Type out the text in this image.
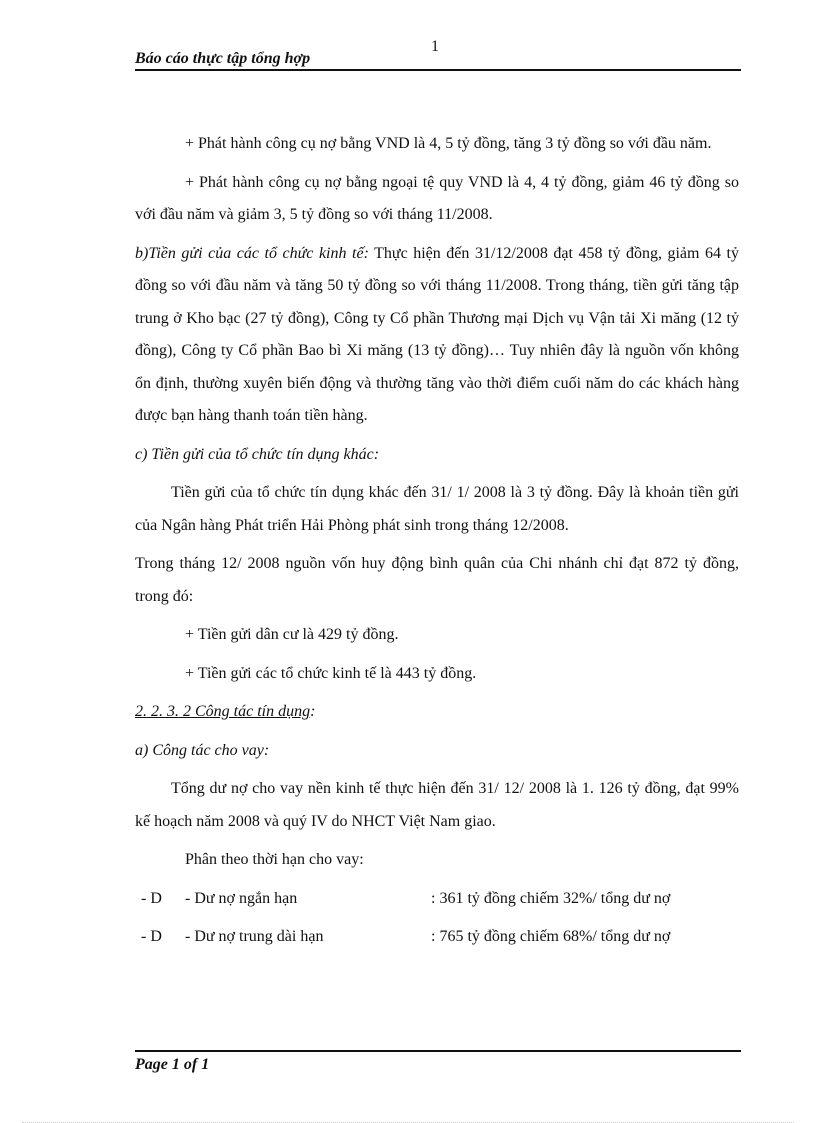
1
Báo cáo thực tập tổng hợp

+ Phát hành công cụ nợ bằng VND là 4, 5 tỷ đồng, tăng 3 tỷ đồng so với đầu năm.

+ Phát hành công cụ nợ bằng ngoại tệ quy VND là 4, 4 tỷ đồng, giảm 46 tỷ đồng so với đầu năm và giảm 3, 5 tỷ đồng so với tháng 11/2008.

b)Tiền gửi của các tổ chức kinh tế: Thực hiện đến 31/12/2008 đạt 458 tỷ đồng, giảm 64 tỷ đồng so với đầu năm và tăng 50 tỷ đồng so với tháng 11/2008. Trong tháng, tiền gửi tăng tập trung ở Kho bạc (27 tỷ đồng), Công ty Cổ phần Thương mại Dịch vụ Vận tải Xi măng (12 tỷ đồng), Công ty Cổ phần Bao bì Xi măng (13 tỷ đồng)… Tuy nhiên đây là nguồn vốn không ổn định, thường xuyên biến động và thường tăng vào thời điểm cuối năm do các khách hàng được bạn hàng thanh toán tiền hàng.

c) Tiền gửi của tổ chức tín dụng khác:

Tiền gửi của tổ chức tín dụng khác đến 31/ 1/ 2008 là 3 tỷ đồng. Đây là khoản tiền gửi của Ngân hàng Phát triển Hải Phòng phát sinh trong tháng 12/2008.

Trong tháng 12/ 2008 nguồn vốn huy động bình quân của Chi nhánh chỉ đạt 872 tỷ đồng, trong đó:

+ Tiền gửi dân cư là 429 tỷ đồng.

+ Tiền gửi các tổ chức kinh tế là 443 tỷ đồng.

2. 2. 3. 2 Công tác tín dụng:

a) Công tác cho vay:

Tổng dư nợ cho vay nền kinh tế thực hiện đến 31/ 12/ 2008 là 1. 126 tỷ đồng, đạt 99% kế hoạch năm 2008 và quý IV do NHCT Việt Nam giao.

Phân theo thời hạn cho vay:

- D	- Dư nợ ngắn hạn	: 361 tỷ đồng chiếm 32%/ tổng dư nợ
- D	- Dư nợ trung dài hạn	: 765 tỷ đồng chiếm 68%/ tổng dư nợ
Page 1 of 1
